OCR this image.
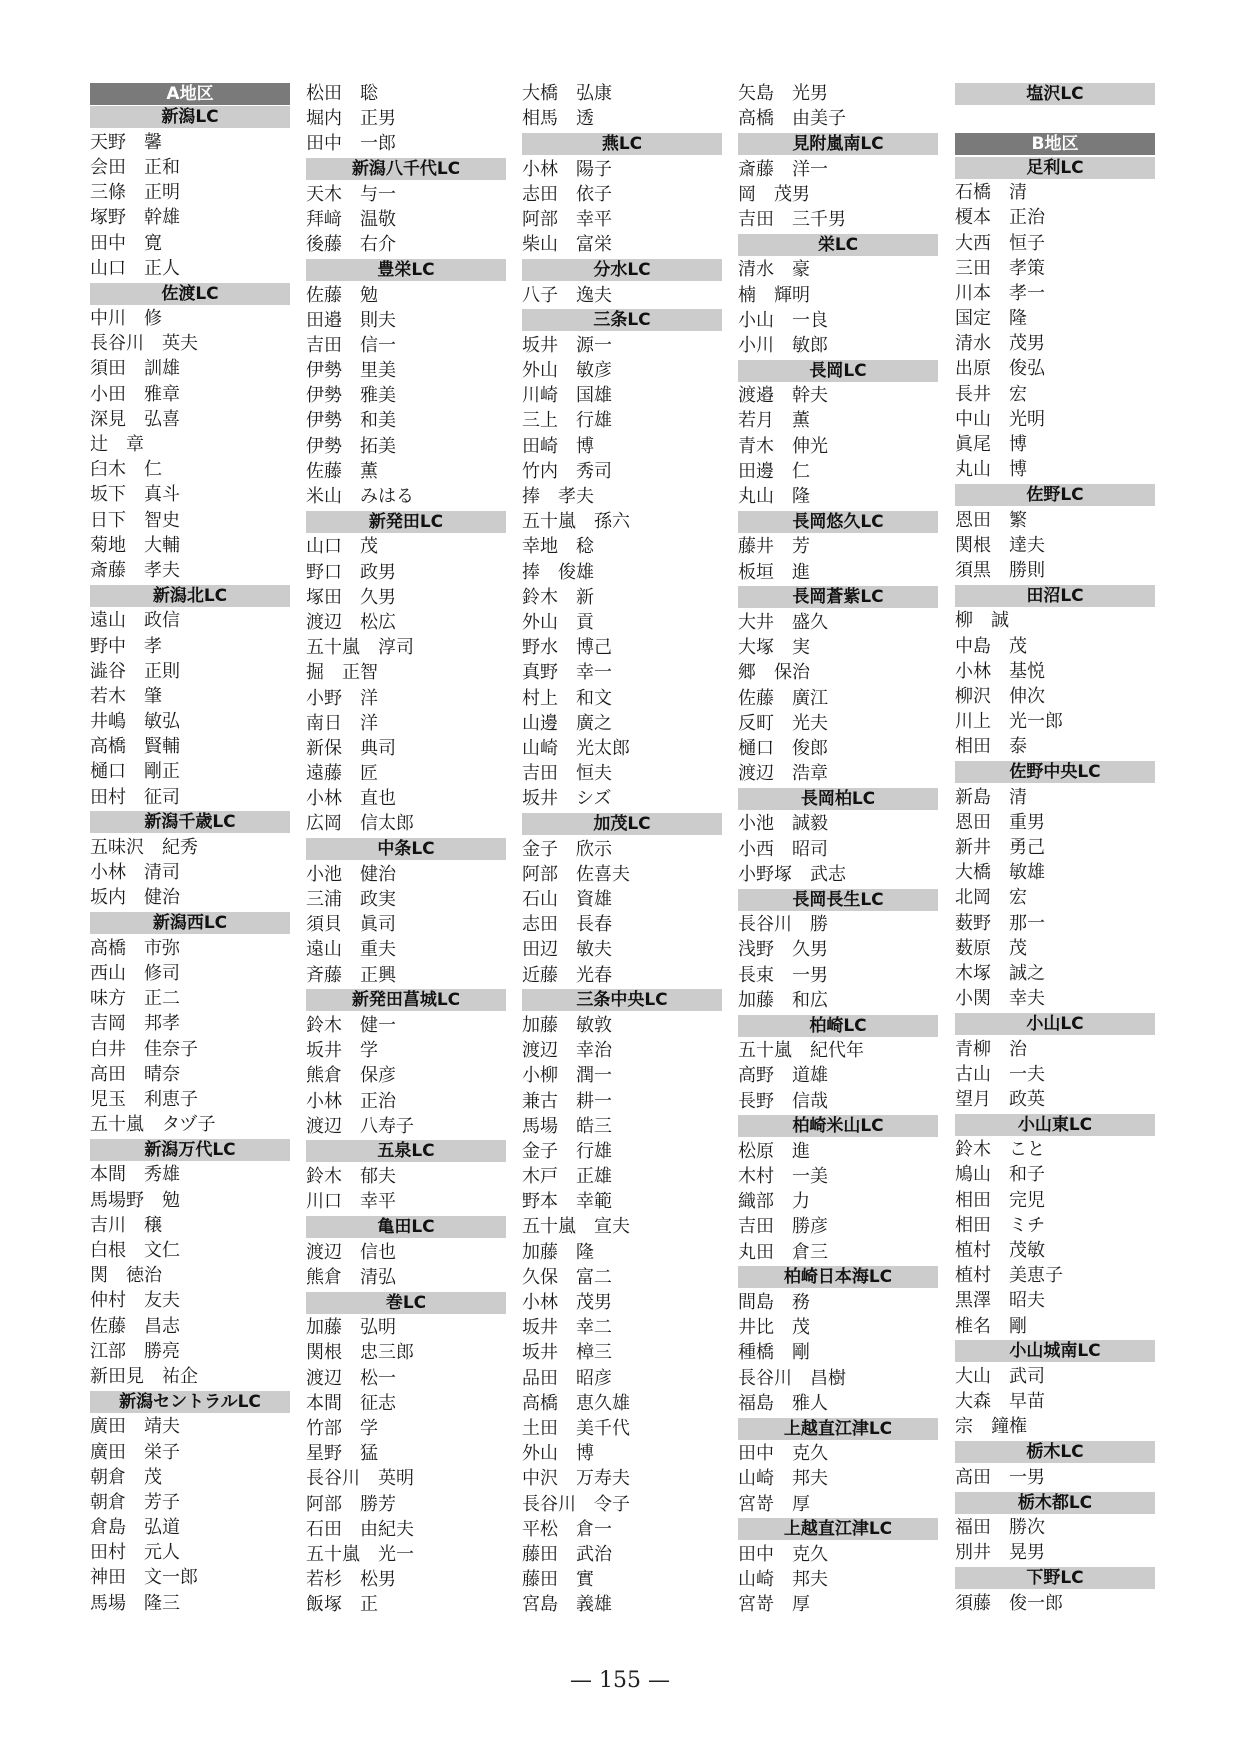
A地区
新潟LC
天野　馨
会田　正和
三條　正明
塚野　幹雄
田中　寛
山口　正人
佐渡LC
中川　修
長谷川　英夫
須田　訓雄
小田　雅章
深見　弘喜
辻　章
臼木　仁
坂下　真斗
日下　智史
菊地　大輔
斎藤　孝夫
新潟北LC
遠山　政信
野中　孝
澁谷　正則
若木　肇
井嶋　敏弘
高橋　賢輔
樋口　剛正
田村　征司
新潟千歳LC
五味沢　紀秀
小林　清司
坂内　健治
新潟西LC
高橋　市弥
西山　修司
味方　正二
吉岡　邦孝
白井　佳奈子
高田　晴奈
児玉　利恵子
五十嵐　タヅ子
新潟万代LC
本間　秀雄
馬場野　勉
吉川　穣
白根　文仁
関　徳治
仲村　友夫
佐藤　昌志
江部　勝亮
新田見　祐企
新潟セントラルLC
廣田　靖夫
廣田　栄子
朝倉　茂
朝倉　芳子
倉島　弘道
田村　元人
神田　文一郎
馬場　隆三
松田　聡
堀内　正男
田中　一郎
新潟八千代LC
天木　与一
拜﨑　温敬
後藤　右介
豊栄LC
佐藤　勉
田邉　則夫
吉田　信一
伊勢　里美
伊勢　雅美
伊勢　和美
伊勢　拓美
佐藤　薫
米山　みはる
新発田LC
山口　茂
野口　政男
塚田　久男
渡辺　松広
五十嵐　淳司
掘　正智
小野　洋
南日　洋
新保　典司
遠藤　匠
小林　直也
広岡　信太郎
中条LC
小池　健治
三浦　政実
須貝　眞司
遠山　重夫
斉藤　正興
新発田菖城LC
鈴木　健一
坂井　学
熊倉　保彦
小林　正治
渡辺　八寿子
五泉LC
鈴木　郁夫
川口　幸平
亀田LC
渡辺　信也
熊倉　清弘
巻LC
加藤　弘明
関根　忠三郎
渡辺　松一
本間　征志
竹部　学
星野　猛
長谷川　英明
阿部　勝芳
石田　由紀夫
五十嵐　光一
若杉　松男
飯塚　正
大橋　弘康
相馬　透
燕LC
小林　陽子
志田　依子
阿部　幸平
柴山　富栄
分水LC
八子　逸夫
三条LC
坂井　源一
外山　敏彦
川崎　国雄
三上　行雄
田崎　博
竹内　秀司
捧　孝夫
五十嵐　孫六
幸地　稔
捧　俊雄
鈴木　新
外山　貢
野水　博己
真野　幸一
村上　和文
山邊　廣之
山崎　光太郎
吉田　恒夫
坂井　シズ
加茂LC
金子　欣示
阿部　佐喜夫
石山　資雄
志田　長春
田辺　敏夫
近藤　光春
三条中央LC
加藤　敏敦
渡辺　幸治
小柳　潤一
兼古　耕一
馬場　皓三
金子　行雄
木戸　正雄
野本　幸範
五十嵐　宣夫
加藤　隆
久保　富二
小林　茂男
坂井　幸二
坂井　樟三
品田　昭彦
高橋　恵久雄
土田　美千代
外山　博
中沢　万寿夫
長谷川　令子
平松　倉一
藤田　武治
藤田　實
宮島　義雄
矢島　光男
高橋　由美子
見附嵐南LC
斎藤　洋一
岡　茂男
吉田　三千男
栄LC
清水　豪
楠　輝明
小山　一良
小川　敏郎
長岡LC
渡邉　幹夫
若月　薫
青木　伸光
田邊　仁
丸山　隆
長岡悠久LC
藤井　芳
板垣　進
長岡蒼紫LC
大井　盛久
大塚　実
郷　保治
佐藤　廣江
反町　光夫
樋口　俊郎
渡辺　浩章
長岡柏LC
小池　誠毅
小西　昭司
小野塚　武志
長岡長生LC
長谷川　勝
浅野　久男
長束　一男
加藤　和広
柏崎LC
五十嵐　紀代年
高野　道雄
長野　信哉
柏崎米山LC
松原　進
木村　一美
織部　力
吉田　勝彦
丸田　倉三
柏崎日本海LC
間島　務
井比　茂
種橋　剛
長谷川　昌樹
福島　雅人
上越直江津LC
田中　克久
山崎　邦夫
宮嵜　厚
上越直江津LC
田中　克久
山崎　邦夫
宮嵜　厚
塩沢LC
B地区
足利LC
石橋　清
榎本　正治
大西　恒子
三田　孝策
川本　孝一
国定　隆
清水　茂男
出原　俊弘
長井　宏
中山　光明
眞尾　博
丸山　博
佐野LC
恩田　繁
関根　達夫
須黒　勝則
田沼LC
柳　誠
中島　茂
小林　基悦
柳沢　伸次
川上　光一郎
相田　泰
佐野中央LC
新島　清
恩田　重男
新井　勇己
大橋　敏雄
北岡　宏
薮野　那一
薮原　茂
木塚　誠之
小関　幸夫
小山LC
青柳　治
古山　一夫
望月　政英
小山東LC
鈴木　こと
鳩山　和子
相田　完児
相田　ミチ
植村　茂敏
植村　美恵子
黒澤　昭夫
椎名　剛
小山城南LC
大山　武司
大森　早苗
宗　鐘権
栃木LC
高田　一男
栃木都LC
福田　勝次
別井　晃男
下野LC
須藤　俊一郎
— 155 —
